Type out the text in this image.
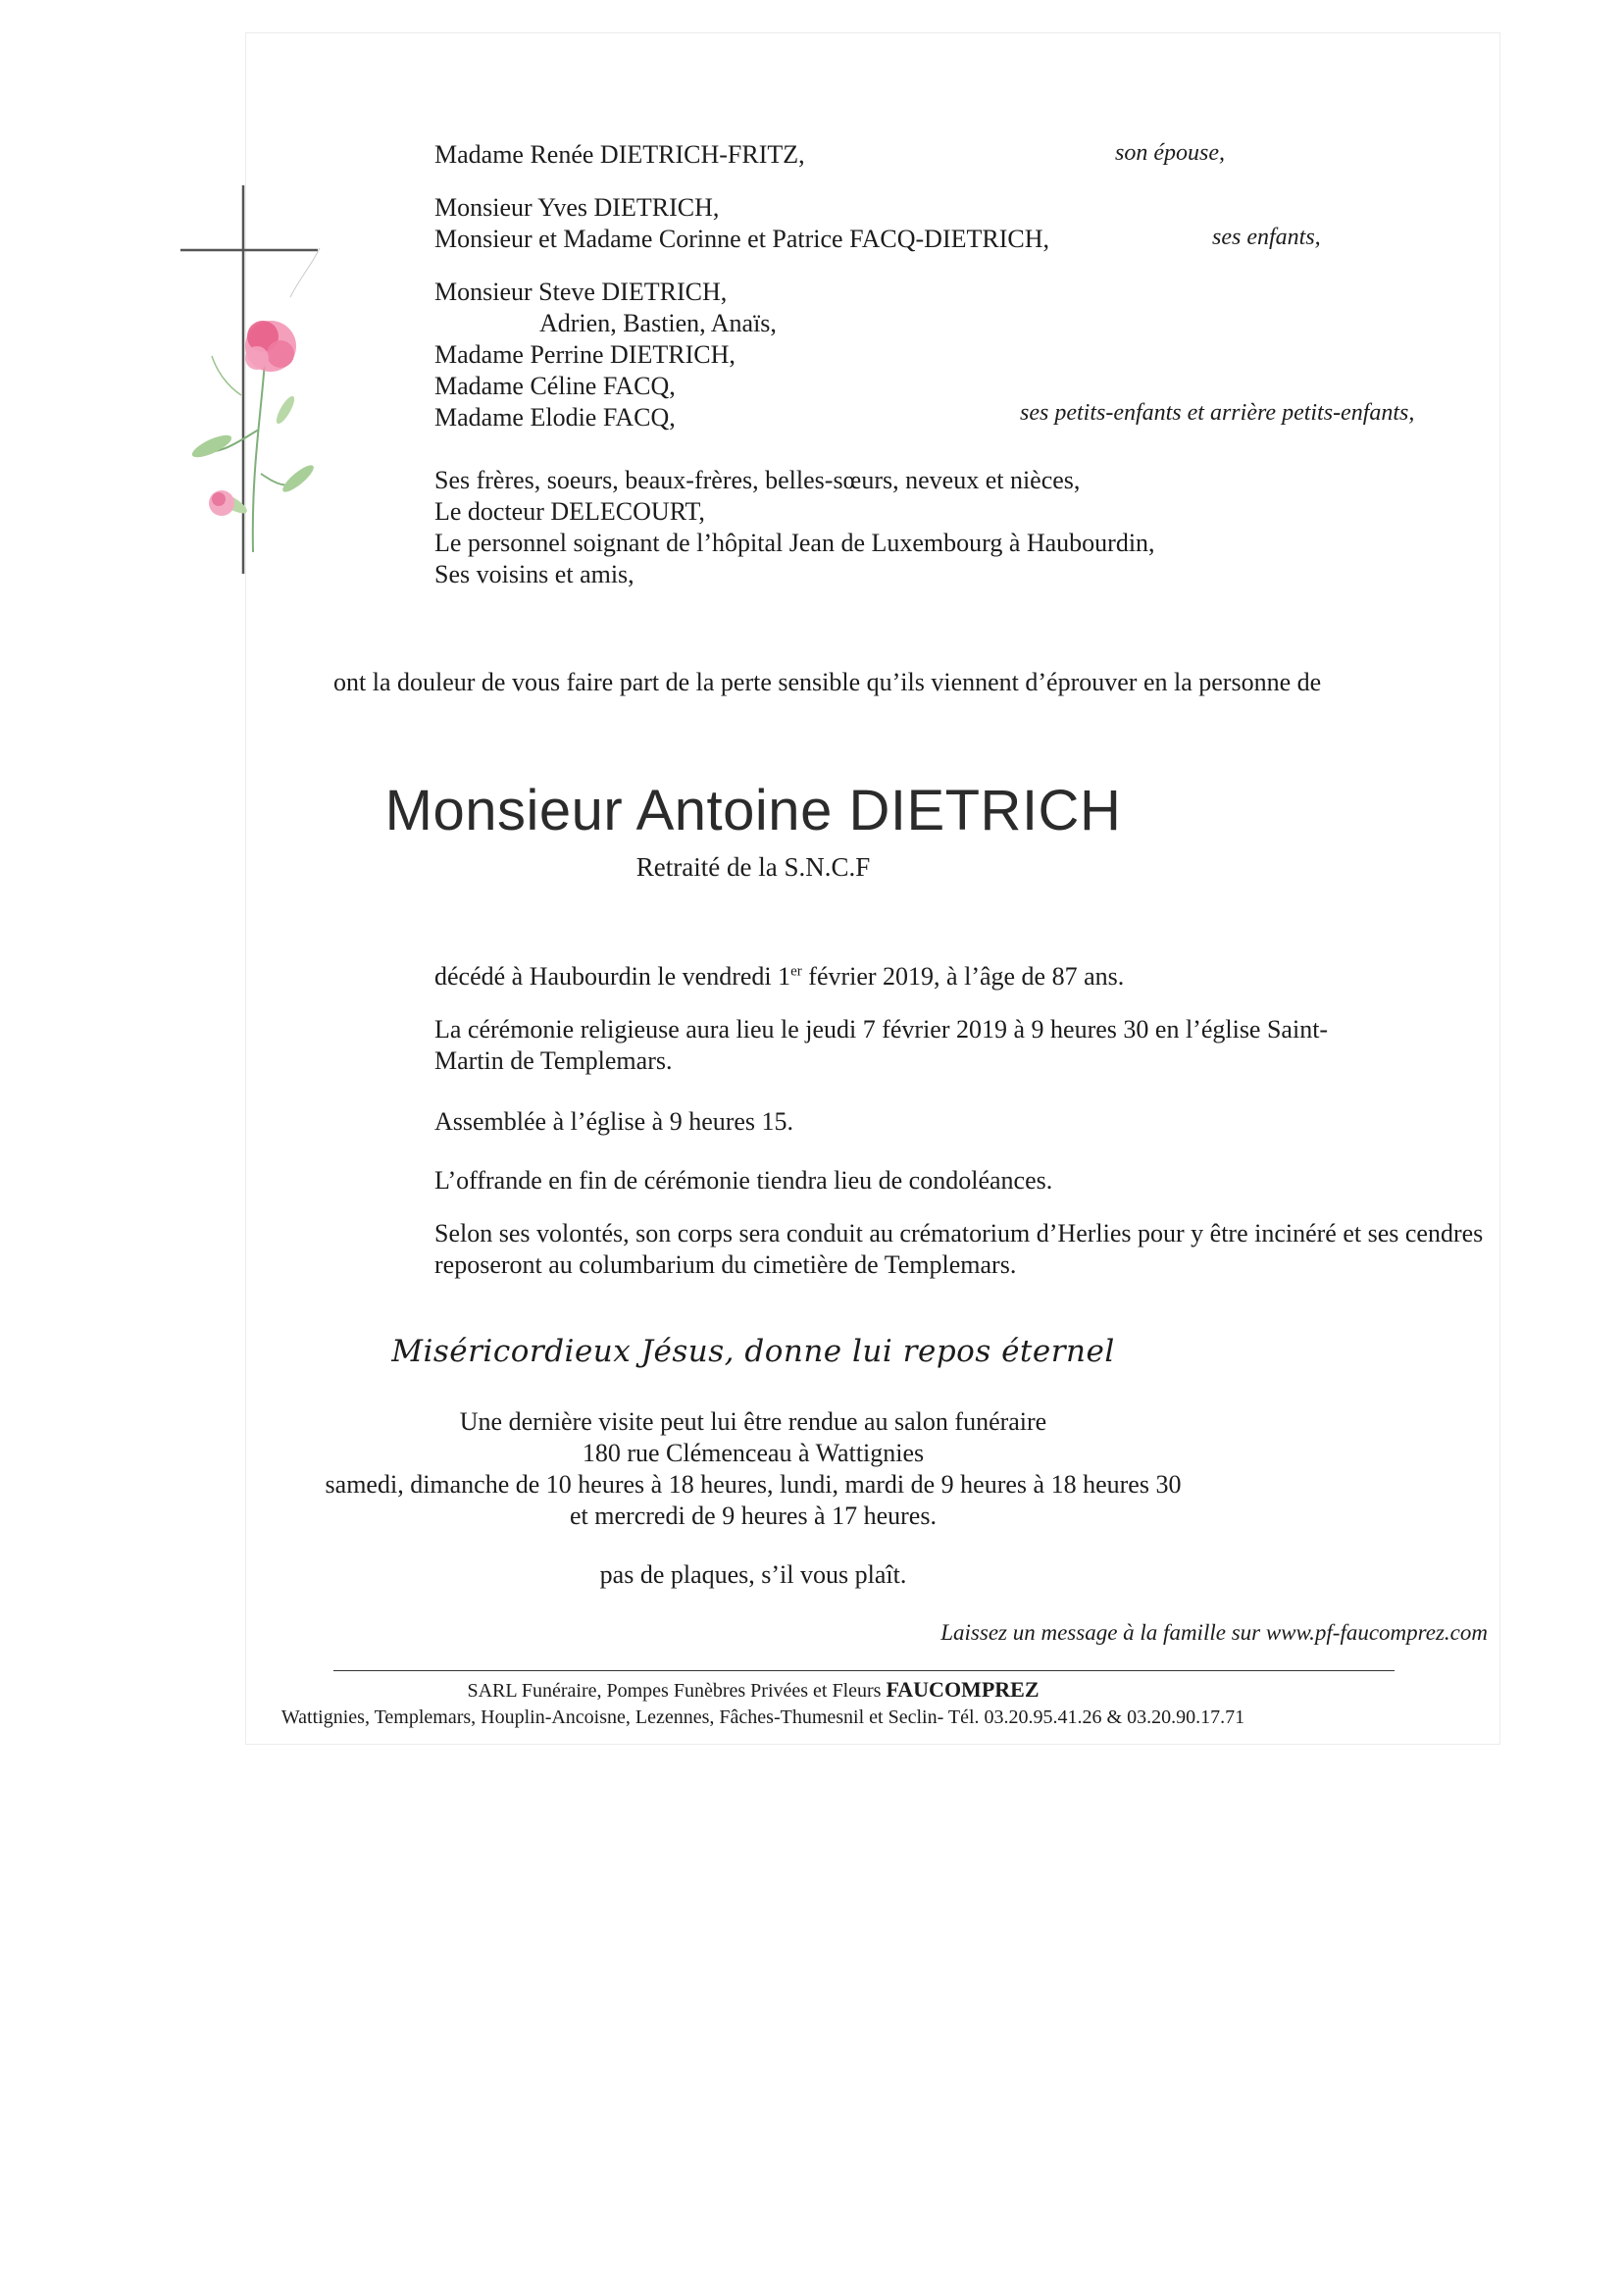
Madame Renée DIETRICH-FRITZ,	son épouse,
Monsieur Yves DIETRICH,
Monsieur et Madame Corinne et Patrice FACQ-DIETRICH,	ses enfants,
Monsieur Steve DIETRICH,
Adrien, Bastien, Anaïs,
Madame Perrine DIETRICH,
Madame Céline FACQ,
Madame Elodie FACQ,	ses petits-enfants et arrière petits-enfants,
Ses frères, soeurs, beaux-frères, belles-sœurs, neveux et nièces,
Le docteur DELECOURT,
Le personnel soignant de l’hôpital Jean de Luxembourg à Haubourdin,
Ses voisins et amis,
ont la douleur de vous faire part de la perte sensible qu’ils viennent d’éprouver en la personne de
Monsieur Antoine DIETRICH
Retraité de la S.N.C.F

décédé à Haubourdin le vendredi 1er février 2019, à l’âge de 87 ans.

La cérémonie religieuse aura lieu le jeudi 7 février 2019 à 9 heures 30 en l’église Saint-Martin de Templemars.

Assemblée à l’église à 9 heures 15.

L’offrande en fin de cérémonie tiendra lieu de condoléances.

Selon ses volontés, son corps sera conduit au crématorium d’Herlies pour y être incinéré et ses cendres reposeront au columbarium du cimetière de Templemars.

Miséricordieux Jésus, donne lui repos éternel
Une dernière visite peut lui être rendue au salon funéraire
180 rue Clémenceau à Wattignies
samedi, dimanche de 10 heures à 18 heures, lundi, mardi de 9 heures à 18 heures 30
et mercredi de 9 heures à 17 heures.
pas de plaques, s’il vous plaît.
Laissez un message à la famille sur www.pf-faucomprez.com
SARL Funéraire, Pompes Funèbres Privées et Fleurs FAUCOMPREZ
Wattignies, Templemars, Houplin-Ancoisne, Lezennes, Fâches-Thumesnil et Seclin- Tél. 03.20.95.41.26 & 03.20.90.17.71
